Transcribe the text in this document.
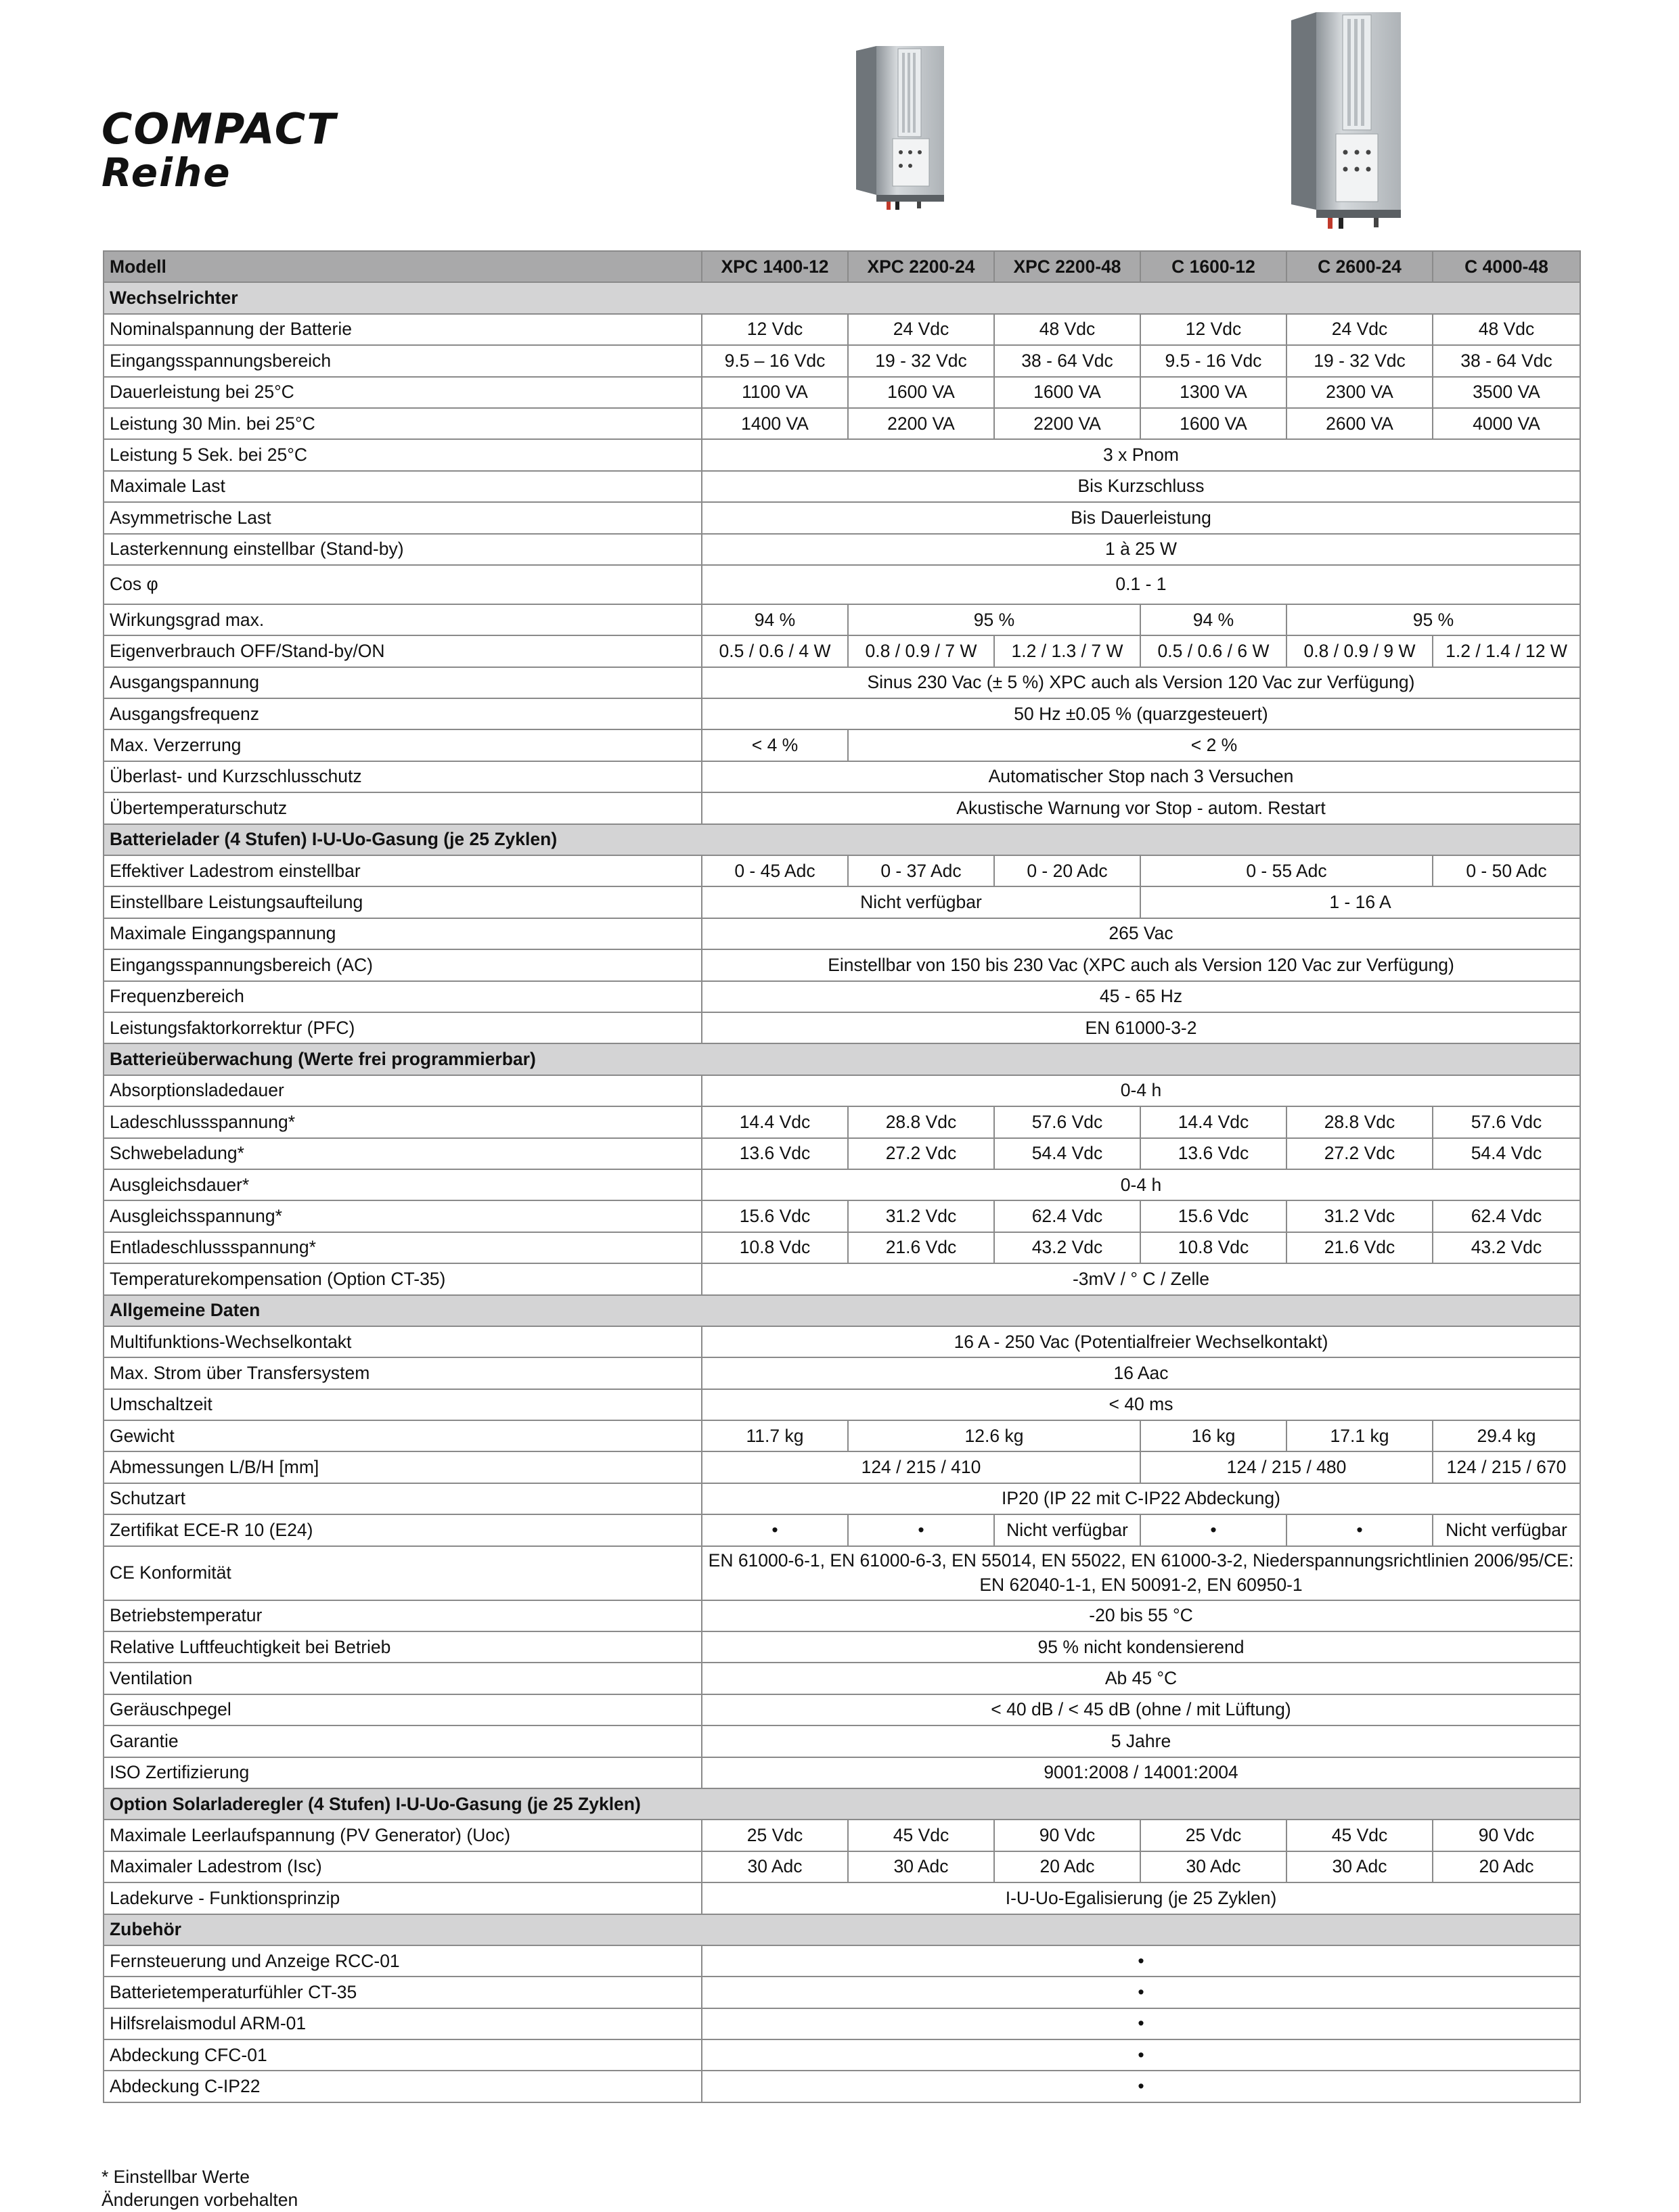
COMPACT
Reihe
Modell	XPC 1400-12	XPC 2200-24	XPC 2200-48	C 1600-12	C 2600-24	C 4000-48
Wechselrichter						
Nominalspannung der Batterie	12 Vdc	24 Vdc	48 Vdc	12 Vdc	24 Vdc	48 Vdc
Eingangsspannungsbereich	9.5 – 16 Vdc	19 - 32 Vdc	38 - 64 Vdc	9.5 - 16 Vdc	19 - 32 Vdc	38 - 64 Vdc
Dauerleistung bei 25°C	1100 VA	1600 VA	1600 VA	1300 VA	2300 VA	3500 VA
Leistung 30 Min. bei 25°C	1400 VA	2200 VA	2200 VA	1600 VA	2600 VA	4000 VA
Leistung 5 Sek. bei 25°C	3 x Pnom					
Maximale Last	Bis Kurzschluss					
Asymmetrische Last	Bis Dauerleistung					
Lasterkennung einstellbar (Stand-by)	1 à 25 W					
Cos φ	0.1 - 1					
Wirkungsgrad max.	94 %	95 %		94 %	95 %	
Eigenverbrauch OFF/Stand-by/ON	0.5 / 0.6 / 4 W	0.8 / 0.9 / 7 W	1.2 / 1.3 / 7 W	0.5 / 0.6 / 6 W	0.8 / 0.9 / 9 W	1.2 / 1.4 / 12 W
Ausgangspannung	Sinus 230 Vac (± 5 %) XPC auch als Version 120 Vac zur Verfügung)					
Ausgangsfrequenz	50 Hz ±0.05 % (quarzgesteuert)					
Max. Verzerrung	< 4 %	< 2 %				
Überlast- und Kurzschlusschutz	Automatischer Stop nach 3 Versuchen					
Übertemperaturschutz	Akustische Warnung vor Stop - autom. Restart					
Batterielader (4 Stufen) I-U-Uo-Gasung (je 25 Zyklen)						
Effektiver Ladestrom einstellbar	0 - 45 Adc	0 - 37 Adc	0 - 20 Adc	0 - 55 Adc		0 - 50 Adc
Einstellbare Leistungsaufteilung	Nicht verfügbar			1 - 16 A		
Maximale Eingangspannung	265 Vac					
Eingangsspannungsbereich (AC)	Einstellbar von 150 bis 230 Vac (XPC auch als Version 120 Vac zur Verfügung)					
Frequenzbereich	45 - 65 Hz					
Leistungsfaktorkorrektur (PFC)	EN 61000-3-2					
Batterieüberwachung (Werte frei programmierbar)						
Absorptionsladedauer	0-4 h					
Ladeschlussspannung*	14.4 Vdc	28.8 Vdc	57.6 Vdc	14.4 Vdc	28.8 Vdc	57.6 Vdc
Schwebeladung*	13.6 Vdc	27.2 Vdc	54.4 Vdc	13.6 Vdc	27.2 Vdc	54.4 Vdc
Ausgleichsdauer*	0-4 h					
Ausgleichsspannung*	15.6 Vdc	31.2 Vdc	62.4 Vdc	15.6 Vdc	31.2 Vdc	62.4 Vdc
Entladeschlussspannung*	10.8 Vdc	21.6 Vdc	43.2 Vdc	10.8 Vdc	21.6 Vdc	43.2 Vdc
Temperaturekompensation (Option CT-35)	-3mV / ° C / Zelle					
Allgemeine Daten						
Multifunktions-Wechselkontakt	16 A - 250 Vac (Potentialfreier Wechselkontakt)					
Max. Strom über Transfersystem	16 Aac					
Umschaltzeit	< 40 ms					
Gewicht	11.7 kg	12.6 kg		16 kg	17.1 kg	29.4 kg
Abmessungen L/B/H [mm]	124 / 215 / 410			124 / 215 / 480		124 / 215 / 670
Schutzart	IP20 (IP 22 mit C-IP22 Abdeckung)					
Zertifikat ECE-R 10 (E24)	•	•	Nicht verfügbar	•	•	Nicht verfügbar
CE Konformität	EN 61000-6-1, EN 61000-6-3, EN 55014, EN 55022, EN 61000-3-2, Niederspannungsrichtlinien 2006/95/CE: EN 62040-1-1, EN 50091-2, EN 60950-1					
Betriebstemperatur	-20 bis 55 °C					
Relative Luftfeuchtigkeit bei Betrieb	95 % nicht kondensierend					
Ventilation	Ab 45 °C					
Geräuschpegel	< 40 dB / < 45 dB (ohne / mit Lüftung)					
Garantie	5 Jahre					
ISO Zertifizierung	9001:2008 / 14001:2004					
Option Solarladeregler (4 Stufen) I-U-Uo-Gasung (je 25 Zyklen)						
Maximale Leerlaufspannung (PV Generator) (Uoc)	25 Vdc	45 Vdc	90 Vdc	25 Vdc	45 Vdc	90 Vdc
Maximaler Ladestrom (Isc)	30 Adc	30 Adc	20 Adc	30 Adc	30 Adc	20 Adc
Ladekurve - Funktionsprinzip	I-U-Uo-Egalisierung (je 25 Zyklen)					
Zubehör						
Fernsteuerung und Anzeige RCC-01	•					
Batterietemperaturfühler CT-35	•					
Hilfsrelaismodul ARM-01	•					
Abdeckung CFC-01	•					
Abdeckung C-IP22	•					
* Einstellbar Werte
Änderungen vorbehalten
